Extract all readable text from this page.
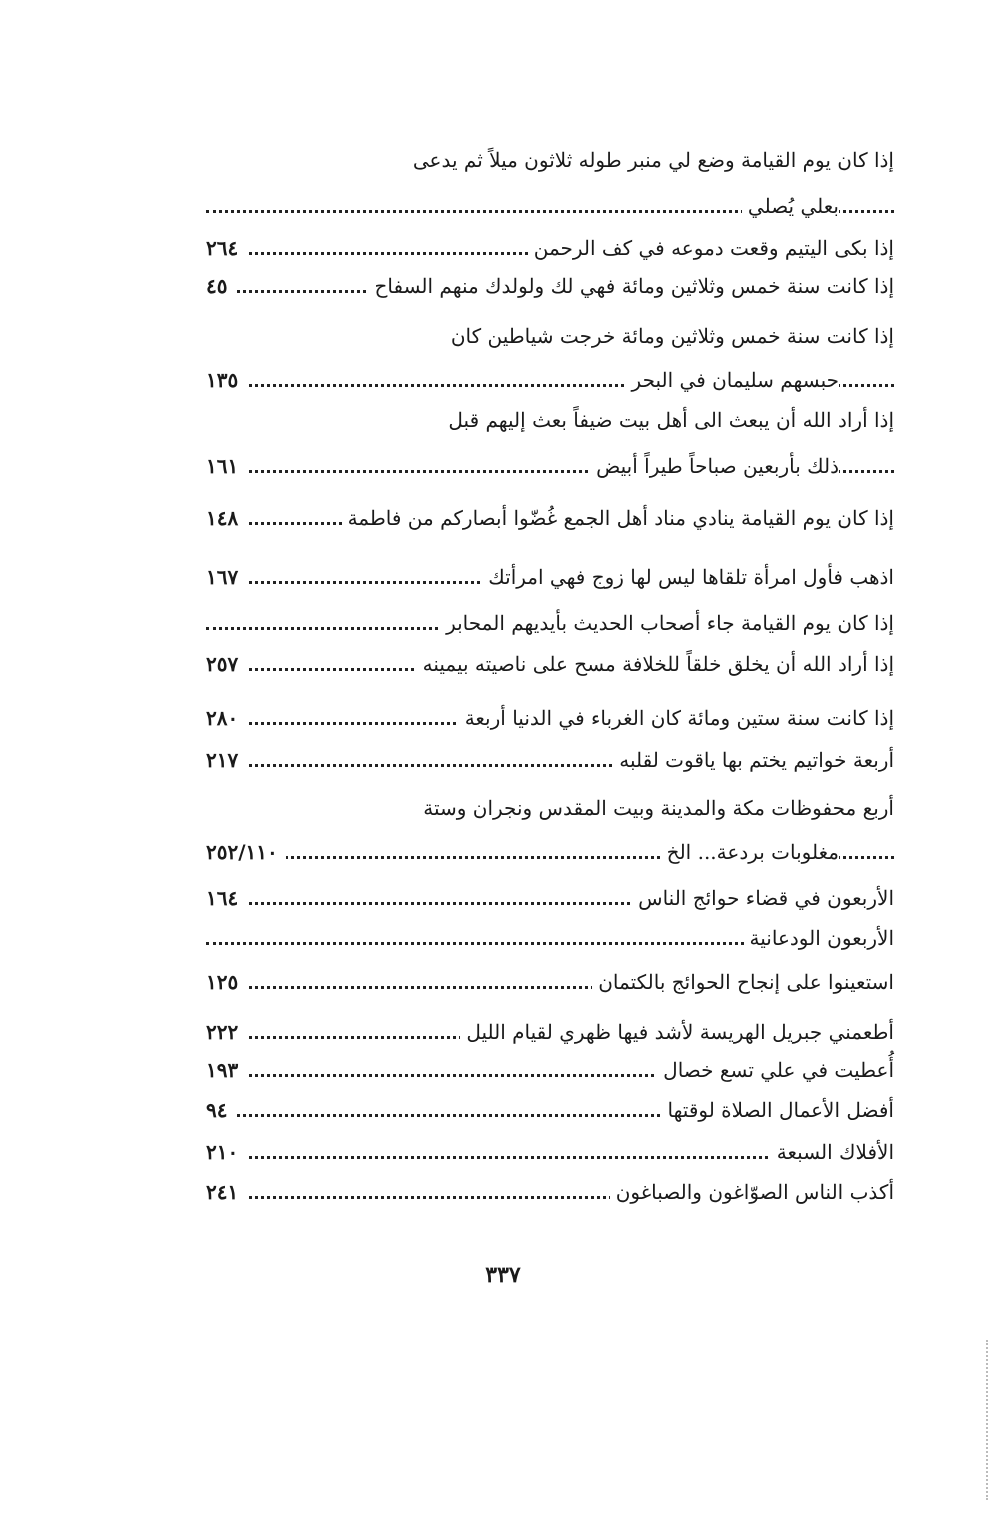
إذا كان يوم القيامة وضع لي منبر طوله ثلاثون ميلاً ثم يدعى
بعلي يُصلي
إذا بكى اليتيم وقعت دموعه في كف الرحمن
٢٦٤
إذا كانت سنة خمس وثلاثين ومائة فهي لك ولولدك منهم السفاح
٤٥
إذا كانت سنة خمس وثلاثين ومائة خرجت شياطين كان
حبسهم سليمان في البحر
١٣٥
إذا أراد الله أن يبعث الى أهل بيت ضيفاً بعث إليهم قبل
ذلك بأربعين صباحاً طيراً أبيض
١٦١
إذا كان يوم القيامة ينادي مناد أهل الجمع غُضّوا أبصاركم من فاطمة
١٤٨
اذهب فأول امرأة تلقاها ليس لها زوج فهي امرأتك
١٦٧
إذا كان يوم القيامة جاء أصحاب الحديث بأيديهم المحابر
إذا أراد الله أن يخلق خلقاً للخلافة مسح على ناصيته بيمينه
٢٥٧
إذا كانت سنة ستين ومائة كان الغرباء في الدنيا أربعة
٢٨٠
أربعة خواتيم يختم بها ياقوت لقلبه
٢١٧
أربع محفوظات مكة والمدينة وبيت المقدس ونجران وستة
مغلوبات بردعة... الخ
٢٥٢/١١٠
الأربعون في قضاء حوائج الناس
١٦٤
الأربعون الودعانية
استعينوا على إنجاح الحوائج بالكتمان
١٢٥
أطعمني جبريل الهريسة لأشد فيها ظهري لقيام الليل
٢٢٢
أُعطيت في علي تسع خصال
١٩٣
أفضل الأعمال الصلاة لوقتها
٩٤
الأفلاك السبعة
٢١٠
أكذب الناس الصوّاغون والصباغون
٢٤١
٣٣٧
